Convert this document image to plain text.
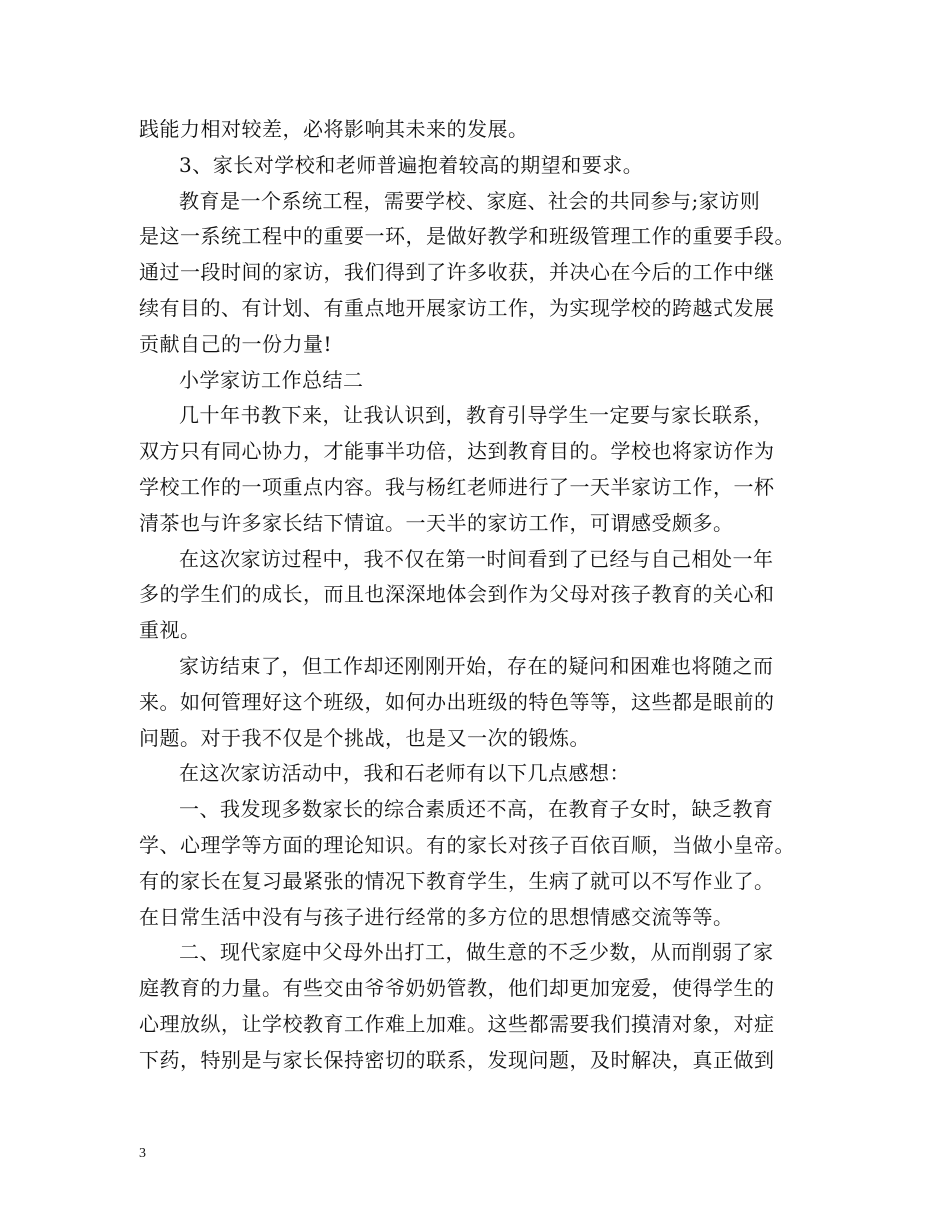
践能力相对较差，必将影响其未来的发展。
3、家长对学校和老师普遍抱着较高的期望和要求。
教育是一个系统工程，需要学校、家庭、社会的共同参与;家访则
是这一系统工程中的重要一环，是做好教学和班级管理工作的重要手段。
通过一段时间的家访，我们得到了许多收获，并决心在今后的工作中继
续有目的、有计划、有重点地开展家访工作，为实现学校的跨越式发展
贡献自己的一份力量!
小学家访工作总结二
几十年书教下来，让我认识到，教育引导学生一定要与家长联系，
双方只有同心协力，才能事半功倍，达到教育目的。学校也将家访作为
学校工作的一项重点内容。我与杨红老师进行了一天半家访工作，一杯
清茶也与许多家长结下情谊。一天半的家访工作，可谓感受颇多。
在这次家访过程中，我不仅在第一时间看到了已经与自己相处一年
多的学生们的成长，而且也深深地体会到作为父母对孩子教育的关心和
重视。
家访结束了，但工作却还刚刚开始，存在的疑问和困难也将随之而
来。如何管理好这个班级，如何办出班级的特色等等，这些都是眼前的
问题。对于我不仅是个挑战，也是又一次的锻炼。
在这次家访活动中，我和石老师有以下几点感想：
一、我发现多数家长的综合素质还不高，在教育子女时，缺乏教育
学、心理学等方面的理论知识。有的家长对孩子百依百顺，当做小皇帝。
有的家长在复习最紧张的情况下教育学生，生病了就可以不写作业了。
在日常生活中没有与孩子进行经常的多方位的思想情感交流等等。
二、现代家庭中父母外出打工，做生意的不乏少数，从而削弱了家
庭教育的力量。有些交由爷爷奶奶管教，他们却更加宠爱，使得学生的
心理放纵，让学校教育工作难上加难。这些都需要我们摸清对象，对症
下药，特别是与家长保持密切的联系，发现问题，及时解决，真正做到
3
